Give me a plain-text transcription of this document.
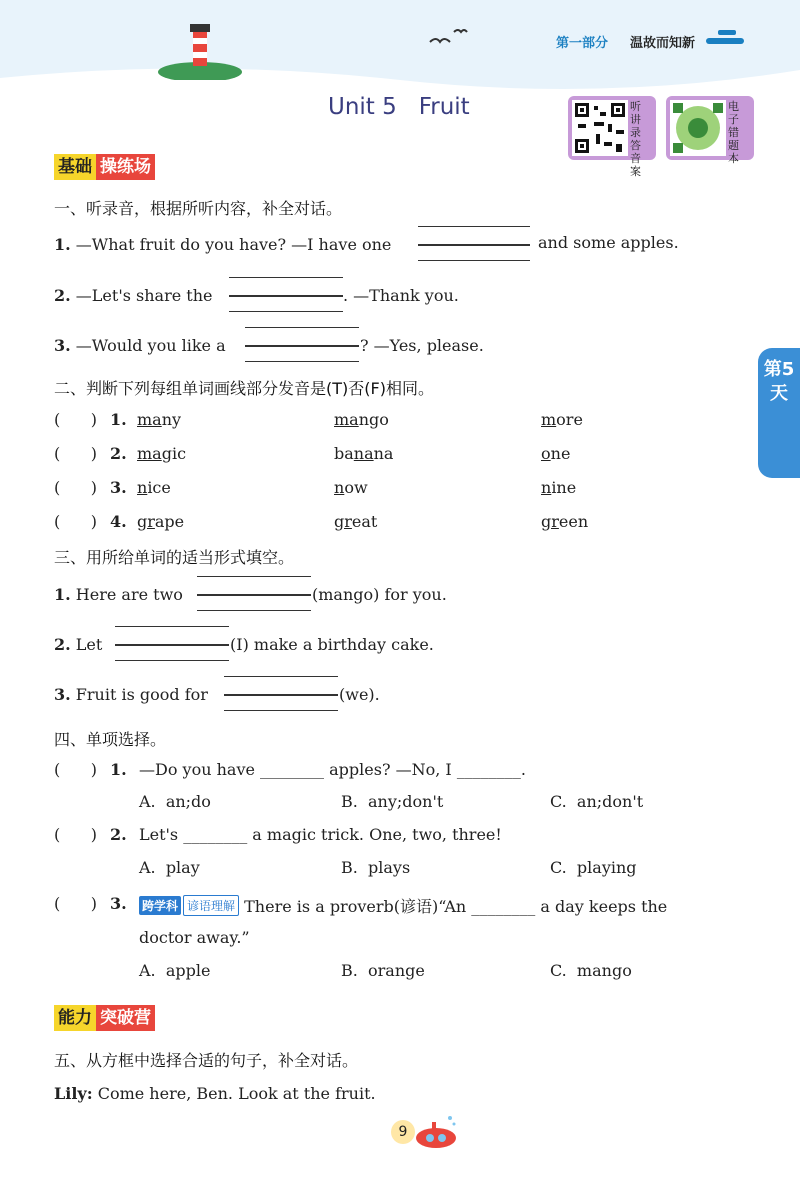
第一部分 温故而知新
Unit 5   Fruit	听讲录答音案
电子错题本
第5天
基础 操练场
一、听录音，根据所听内容，补全对话。
1. —What fruit do you have? —I have one	and some apples.
2. —Let's share the	. —Thank you.
3. —Would you like a	? —Yes, please.
二、判断下列每组单词画线部分发音是(T)否(F)相同。
(      ) 1. many	mango	more
(      ) 2. magic	banana	one
(      ) 3. nice	now	nine
(      ) 4. grape	great	green
三、用所给单词的适当形式填空。
1. Here are two	(mango) for you.
2. Let	(I) make a birthday cake.
3. Fruit is good for	(we).
四、单项选择。
(      ) 1. —Do you have ________ apples? —No, I ________.
A.  an;do	B.  any;don't	C.  an;don't
(      ) 2. Let's ________ a magic trick. One, two, three!
A.  play	B.  plays	C.  playing
(      ) 3. 跨学科 谚语理解 There is a proverb(谚语)“An ________ a day keeps the
doctor away.”
A.  apple	B.  orange	C.  mango
能力 突破营
五、从方框中选择合适的句子，补全对话。
Lily: Come here, Ben. Look at the fruit.
9
